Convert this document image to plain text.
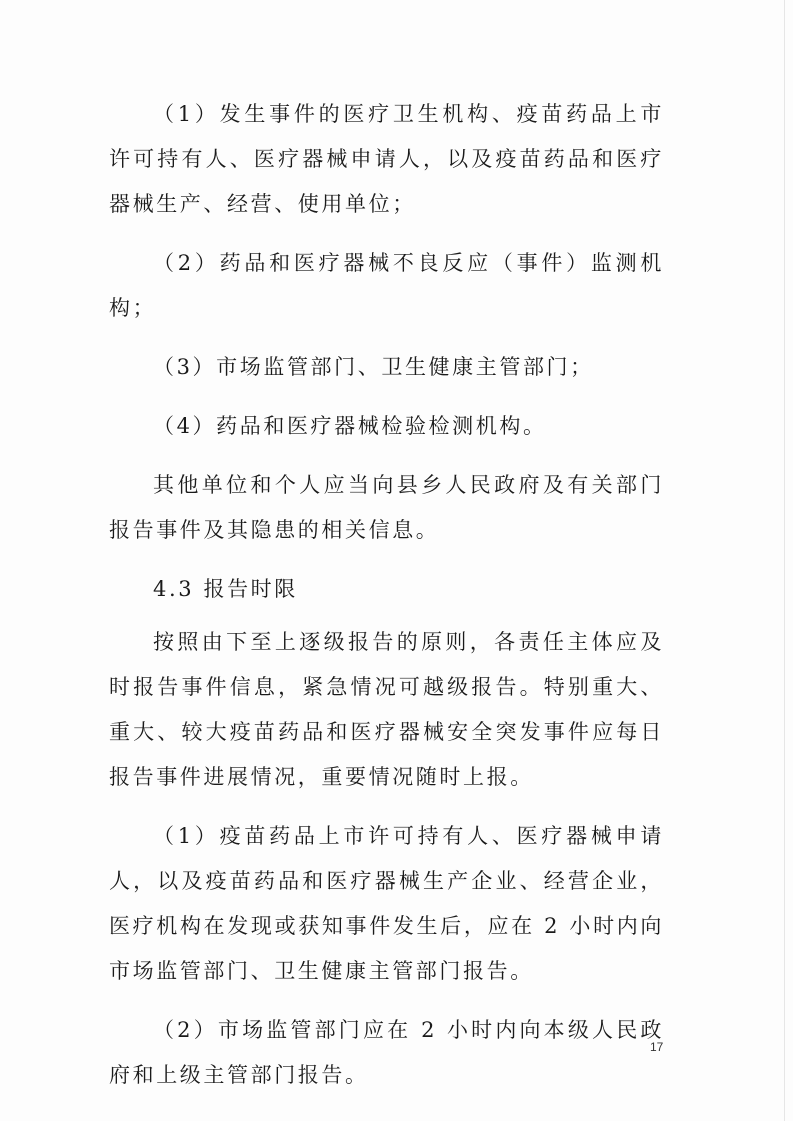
（1）发生事件的医疗卫生机构、疫苗药品上市许可持有人、医疗器械申请人，以及疫苗药品和医疗器械生产、经营、使用单位；

（2）药品和医疗器械不良反应（事件）监测机构；

（3）市场监管部门、卫生健康主管部门；

（4）药品和医疗器械检验检测机构。

其他单位和个人应当向县乡人民政府及有关部门报告事件及其隐患的相关信息。

4.3 报告时限

按照由下至上逐级报告的原则，各责任主体应及时报告事件信息，紧急情况可越级报告。特别重大、重大、较大疫苗药品和医疗器械安全突发事件应每日报告事件进展情况，重要情况随时上报。

（1）疫苗药品上市许可持有人、医疗器械申请人，以及疫苗药品和医疗器械生产企业、经营企业，医疗机构在发现或获知事件发生后，应在 2 小时内向市场监管部门、卫生健康主管部门报告。

（2）市场监管部门应在 2 小时内向本级人民政府和上级主管部门报告。

17
